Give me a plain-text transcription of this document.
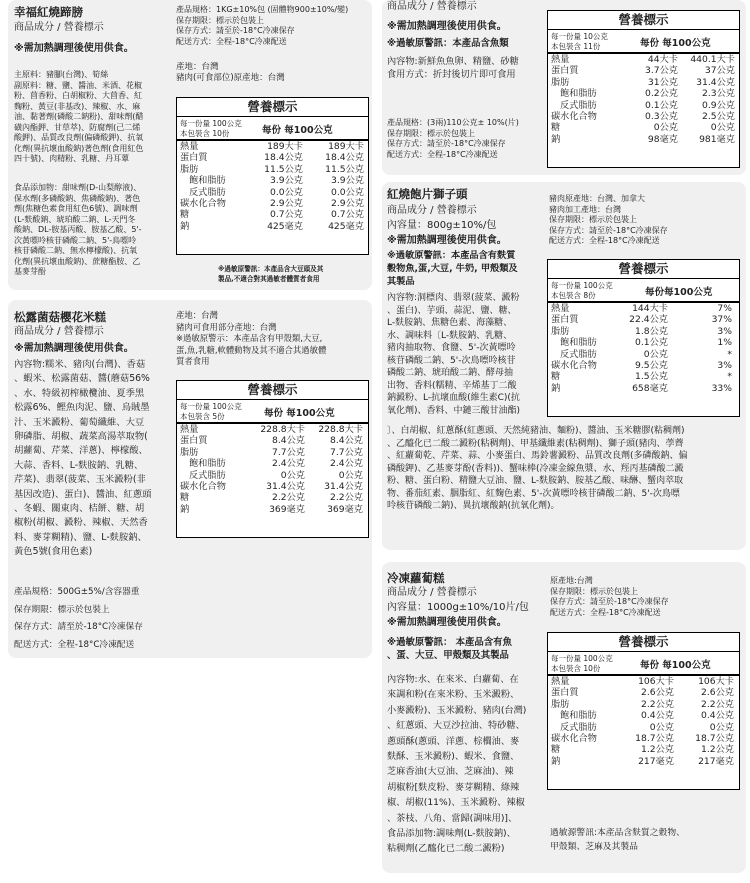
幸福紅燒蹄膀
商品成分 / 營養標示
※需加熱調理後使用供食。
主原料：豬腳(台灣)、筍絲
副原料：糖、鹽、醬油、米酒、花椒
粉、茴香粉、白胡椒粉、大茴香、紅
麴粉、黃豆(非基改)、辣椒、水、麻
油、黏著劑(磷酸二鈉粉)、甜味劑(醋
磺內酯鉀、甘草萃)、防腐劑(己二烯
酸鉀)、品質改良劑(偏磷酸鉀)、抗氧
化劑(異抗壞血酸鈉)著色劑(食用紅色
四十號)、肉精粉、乳糖、丹耳蕈
食品添加物：甜味劑(D-山梨醇液)、
保水劑(多磷酸鈉、焦磷酸鈉)、著色
劑(焦糖色素食用紅色6號)、調味劑
(L-麩酸鈉、琥珀酸二鈉、L-天門冬
酸鈉、DL-胺基丙酸、胺基乙酸、5'-
次黃嘌呤核苷磷酸二鈉、5'-鳥嘌呤
核苷磷酸二鈉、無水檸檬酸)、抗氧
化劑(異抗壞血酸鈉)、蔗糖酯胺、乙
基麥芽酚
產品規格：1KG±10%包 (固體物900±10%/變)
保存期限：標示於包裝上
保存方式：請至於-18°C冷凍保存
配送方式：全程-18°C冷凍配送
產地：台灣
豬肉(可食部位)原產地：台灣
營養標示
每一份量 100公克
本包裝含 10份	每份 每100公克
熱量	189大卡	189大卡
蛋白質	18.4公克 18.4公克
脂肪	11.5公克 11.5公克
飽和脂肪	3.9公克	3.9公克
反式脂肪	0.0公克	0.0公克
碳水化合物	2.9公克	2.9公克
糖	0.7公克	0.7公克
鈉	425毫克	425毫克
※過敏原警訊：本產品含大豆頭及其
製品,不適合對其過敏者體質者食用
商品成分 / 營養標示
※需加熱調理後使用供食。
※過敏原警訊：本產品含魚類
內容物:新鮮魚魚卵、精鹽、砂糖
食用方式：折封後切片即可食用
產品規格：(3兩)110公克± 10%(片)
保存期限：標示於包裝上
保存方式：請至於-18°C冷凍保存
配送方式：全程-18°C冷凍配送
營養標示
每一份量 10公克
本包裝含 11份	每份 每100公克
熱量	44大卡 440.1大卡
蛋白質	3.7公克	37公克
脂肪	31公克 31.4公克
飽和脂肪	0.2公克	2.3公克
反式脂肪	0.1公克	0.9公克
碳水化合物	0.3公克	2.5公克
糖	0公克	0公克
鈉	98毫克 981毫克
紅燒飽片獅子頭
商品成分 / 營養標示
內容量：800g±10%/包
※需加熱調理後使用供食。
※過敏原警訊：本產品含有麩質
穀物魚,蛋,大豆, 牛奶, 甲殼類及
其製品
內容物:洞標肉、翡翠(菠菜、澱粉
、蛋白)、芋頭、蒜泥、鹽、糖、
L-麩胺鈉、焦糖色素、海藻糖、
水、調味料〔L-麩胺鈉、乳糖、
豬肉抽取物、食鹽、5'-次黃嘌呤
核苷磷酸二鈉、5'-次鳥嘌呤核苷
磷酸二鈉、琥珀酸二鈉、酵母抽
出物、香料(糯精、辛烯基丁二酸
鈉澱粉、L-抗壞血酸(維生素C)(抗
氧化劑)、香料、中鏈三酸甘油酯)
〕、白胡椒、紅蔥酥(紅蔥頭、天然純豬油、麵粉)、醬油、玉米糖膠(粘稠劑)
、乙醯化已二酸二澱粉(粘稠劑)、甲基纖維素(粘稠劑)、獅子頭(豬肉、荸薺
、紅蘿蔔乾、芹菜、蒜、小麥蛋白、馬鈴薯澱粉、品質改良劑(多磷酸鈉、偏
磷酸鉀)、乙基麥芽酚(香料))、蟹味棒(冷凍金線魚漿、水、羥丙基磷酸二澱
粉、糖、蛋白粉、精鹽大豆油、鹽、L-麩胺鈉、胺基乙酸、味醂、蟹肉萃取
物、番茄紅素、胭脂紅、紅麴色素、5'-次黃嘌呤核苷磷酸二鈉、5'-次鳥嘌
呤核苷磷酸二鈉)、異抗壞酸鈉(抗氧化劑)。
豬肉原產地：台灣、加拿大
豬肉加工產地：台灣
保存期限：標示於包裝上
保存方式：請至於-18°C冷凍保存
配送方式：全程-18°C冷凍配送
營養標示
每一份量 100公克
本包裝含 8份	每份每100公克
熱量	144大卡	7%
蛋白質	22.4公克	37%
脂肪	1.8公克	3%
飽和脂肪	0.1公克	1%
反式脂肪	0公克	*
碳水化合物	9.5公克	3%
糖	1.5公克	*
鈉	658毫克	33%
松露菌菇櫻花米糕
商品成分 / 營養標示
※需加熱調理後使用供食。
內容物:糯米、豬肉(台灣)、香菇
、蝦米、松露菌菇、醬(蘑菇56%
、水、特級初榨橄欖油、夏季黑
松露6%、鰹魚肉泥、鹽、烏賊墨
汁、玉米澱粉、葡萄纖維、大豆
卵磷脂、胡椒、蔬菜高湯萃取物(
胡蘿蔔、芹菜、洋蔥)、檸檬酸、
大蒜、香料、L-麩胺鈉、乳糖、
芹菜)、翡翠(菠菜、玉米澱粉(非
基因改造)、蛋白)、醬油、紅蔥頭
、冬蝦、關東肉、桔餅、糖、胡
椒粉(胡椒、澱粉、辣椒、天然香
料、麥芽糊精)、鹽、L-麩胺鈉、
黃色5號(食用色素)
產地：台灣
豬肉可食用部分產地：台灣
※過敏原警示：本產品含有甲殼類,大豆,
蛋,魚,乳糖,軟體動物及其不適合其過敏體
質者食用
營養標示
每一份量 100公克
本包裝含 5份	每份 每100公克
熱量	228.8大卡 228.8大卡
蛋白質	8.4公克	8.4公克
脂肪	7.7公克	7.7公克
飽和脂肪	2.4公克	2.4公克
反式脂肪	0公克	0公克
碳水化合物	31.4公克 31.4公克
糖	2.2公克	2.2公克
鈉	369毫克 369毫克
產品規格：500G±5%/含容器重
保存期限：標示於包裝上
保存方式：請至於-18°C冷凍保存
配送方式：全程-18°C冷凍配送
冷凍蘿蔔糕
商品成分 / 營養標示
內容量：1000g±10%/10片/包
※需加熱調理後使用供食。
※過敏原警訊： 本產品含有魚
、蛋、大豆、甲殼類及其製品
內容物:水、在來米、白蘿蔔、在
來調和粉(在來米粉、玉米澱粉、
小麥澱粉)、玉米澱粉、豬肉(台灣)
、紅蔥頭、大豆沙拉油、特砂糖、
蔥頭酥(蔥頭、洋蔥、棕櫚油、麥
麩酥、玉米澱粉)、蝦米、食鹽、
芝麻香油(大豆油、芝麻油)、辣
胡椒粉[麩皮粉、麥芽糊精、綠辣
椒、胡椒(11%)、玉米澱粉、辣椒
、茶枝、八角、當歸(調味用)]、
食品添加物:調味劑(L-麩胺鈉)、
粘稠劑(乙醯化已二酸二澱粉)
原產地:台灣
保存期限：標示於包裝上
保存方式：請至於-18°C冷凍保存
配送方式：全程-18°C冷凍配送
營養標示
每一份量 100公克
本包裝含 10份	每份 每100公克
熱量	106大卡	106大卡
蛋白質	2.6公克	2.6公克
脂肪	2.2公克	2.2公克
飽和脂肪	0.4公克	0.4公克
反式脂肪	0公克	0公克
碳水化合物	18.7公克 18.7公克
糖	1.2公克	1.2公克
鈉	217毫克	217毫克
過敏源警訊:本產品含麩質之穀物、
甲殼類、芝麻及其製品
